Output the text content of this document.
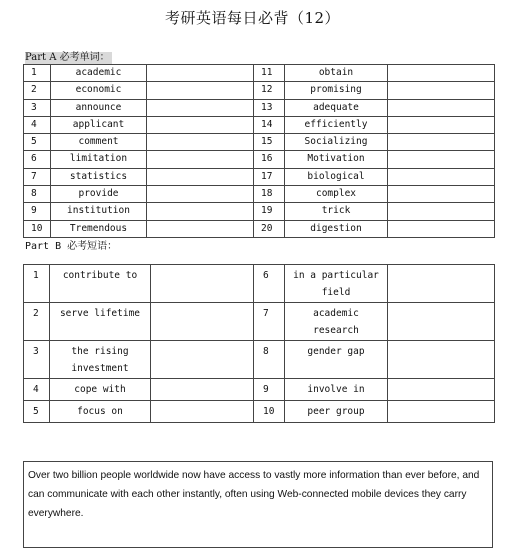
考研英语每日必背（12）
Part A 必考单词：
1	academic		11	obtain	
2	economic		12	promising	
3	announce		13	adequate	
4	applicant		14	efficiently	
5	comment		15	Socializing	
6	limitation		16	Motivation	
7	statistics		17	biological	
8	provide		18	complex	
9	institution		19	trick	
10	Tremendous		20	digestion	
Part B 必考短语：
1	contribute to		6	in a particular field	
2	serve lifetime		7	academic research	
3	the rising investment		8	gender gap	
4	cope with		9	involve in	
5	focus on		10	peer group	
Over two billion people worldwide now have access to vastly more information than ever before, and can communicate with each other instantly, often using Web-connected mobile devices they carry everywhere.
